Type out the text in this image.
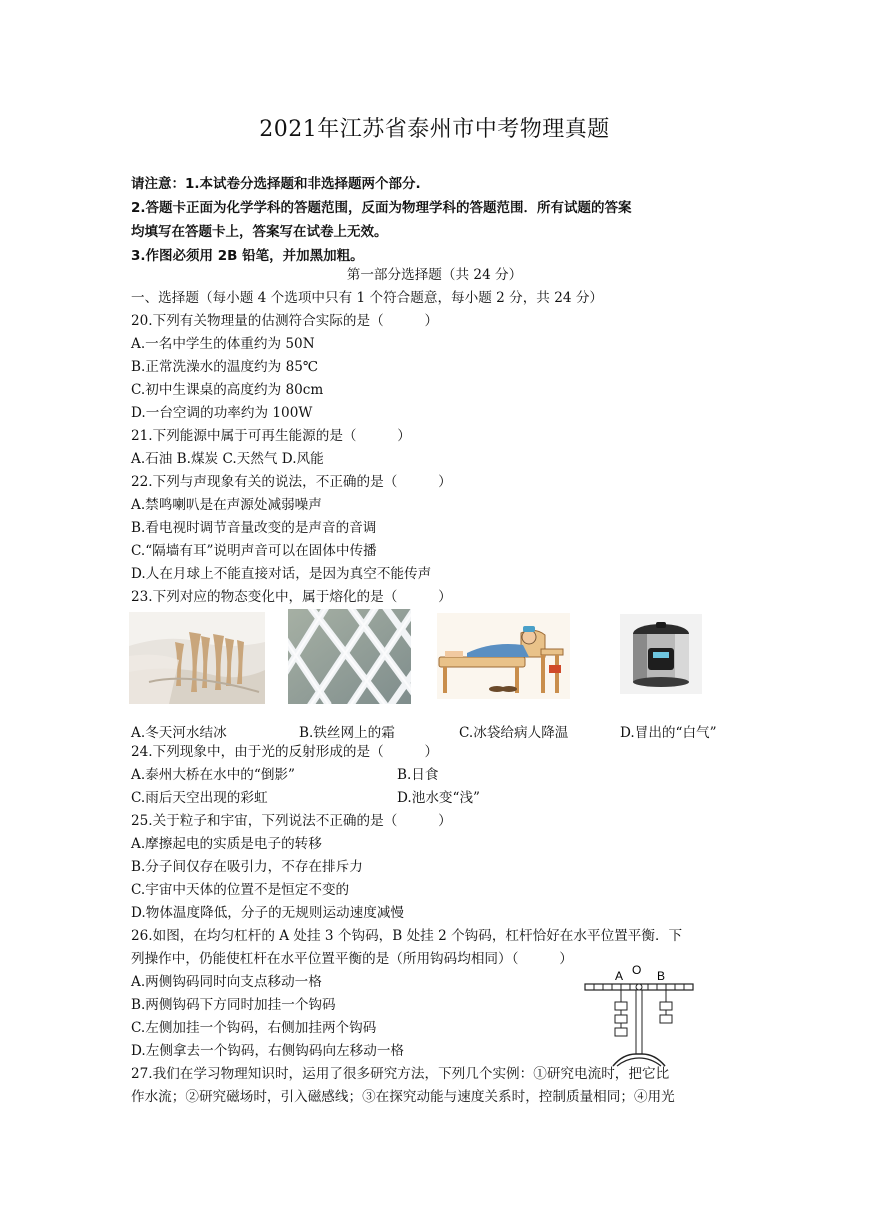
2021年江苏省泰州市中考物理真题
请注意：1.本试卷分选择题和非选择题两个部分.
2.答题卡正面为化学学科的答题范围，反面为物理学科的答题范围．所有试题的答案
均填写在答题卡上，答案写在试卷上无效。
3.作图必须用 2B 铅笔，并加黑加粗。
第一部分选择题（共 24 分）
一、选择题（每小题 4 个选项中只有 1 个符合题意，每小题 2 分，共 24 分）
20.下列有关物理量的估测符合实际的是（　　　）
A.一名中学生的体重约为 50N
B.正常洗澡水的温度约为 85℃
C.初中生课桌的高度约为 80cm
D.一台空调的功率约为 100W
21.下列能源中属于可再生能源的是（　　　）
A.石油 B.煤炭 C.天然气 D.风能
22.下列与声现象有关的说法，不正确的是（　　　）
A.禁鸣喇叭是在声源处减弱噪声
B.看电视时调节音量改变的是声音的音调
C.“隔墙有耳”说明声音可以在固体中传播
D.人在月球上不能直接对话，是因为真空不能传声
23.下列对应的物态变化中，属于熔化的是（　　　）
A.冬天河水结冰	B.铁丝网上的霜	C.冰袋给病人降温	D.冒出的“白气”
24.下列现象中，由于光的反射形成的是（　　　）
A.泰州大桥在水中的“倒影”	B.日食
C.雨后天空出现的彩虹	D.池水变“浅”
25.关于粒子和宇宙，下列说法不正确的是（　　　）
A.摩擦起电的实质是电子的转移
B.分子间仅存在吸引力，不存在排斥力
C.宇宙中天体的位置不是恒定不变的
D.物体温度降低，分子的无规则运动速度减慢
26.如图，在均匀杠杆的 A 处挂 3 个钩码，B 处挂 2 个钩码，杠杆恰好在水平位置平衡．下
列操作中，仍能使杠杆在水平位置平衡的是（所用钩码均相同）（　　　）
A.两侧钩码同时向支点移动一格
B.两侧钩码下方同时加挂一个钩码
C.左侧加挂一个钩码，右侧加挂两个钩码
D.左侧拿去一个钩码，右侧钩码向左移动一格
A O B
27.我们在学习物理知识时，运用了很多研究方法，下列几个实例：①研究电流时，把它比
作水流；②研究磁场时，引入磁感线；③在探究动能与速度关系时，控制质量相同；④用光
